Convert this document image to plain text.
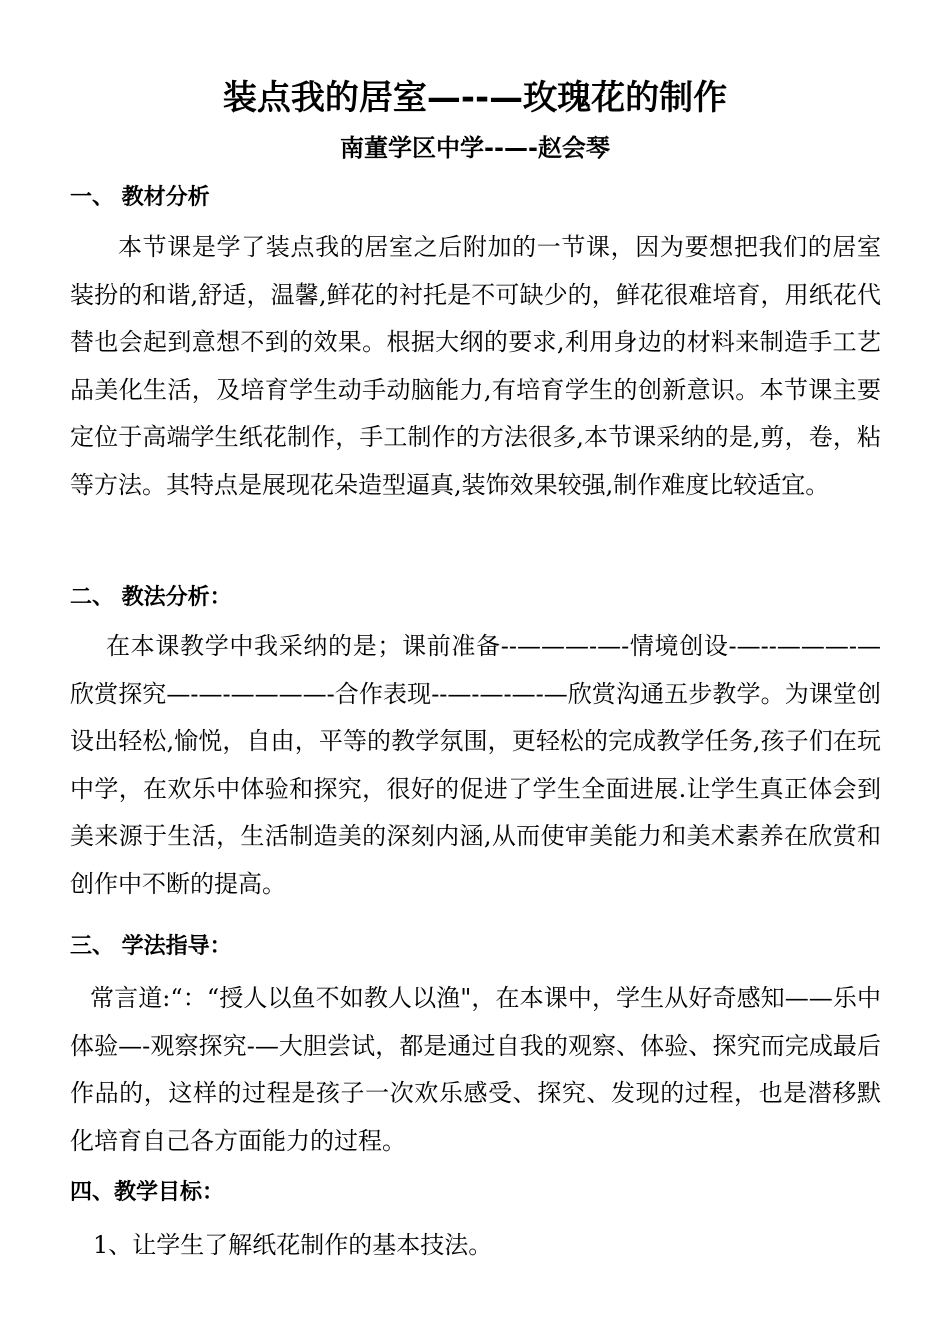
装点我的居室—--—玫瑰花的制作
南董学区中学--—-赵会琴
一、 教材分析
本节课是学了装点我的居室之后附加的一节课，因为要想把我们的居室装扮的和谐,舒适，温馨,鲜花的衬托是不可缺少的，鲜花很难培育，用纸花代替也会起到意想不到的效果。根据大纲的要求,利用身边的材料来制造手工艺品美化生活，及培育学生动手动脑能力,有培育学生的创新意识。本节课主要定位于高端学生纸花制作，手工制作的方法很多,本节课采纳的是,剪，卷，粘等方法。其特点是展现花朵造型逼真,装饰效果较强,制作难度比较适宜。
二、 教法分析：
在本课教学中我采纳的是；课前准备--———-—-情境创设-—--———-—欣赏探究—-—-————-合作表现--—-—-—-—欣赏沟通五步教学。为课堂创设出轻松,愉悦，自由，平等的教学氛围，更轻松的完成教学任务,孩子们在玩中学，在欢乐中体验和探究，很好的促进了学生全面进展.让学生真正体会到美来源于生活，生活制造美的深刻内涵,从而使审美能力和美术素养在欣赏和创作中不断的提高。
三、 学法指导：
常言道:“：“授人以鱼不如教人以渔"，在本课中，学生从好奇感知——乐中体验—-观察探究-—大胆尝试，都是通过自我的观察、体验、探究而完成最后作品的，这样的过程是孩子一次欢乐感受、探究、发现的过程，也是潜移默化培育自己各方面能力的过程。
四、教学目标：
1、让学生了解纸花制作的基本技法。
